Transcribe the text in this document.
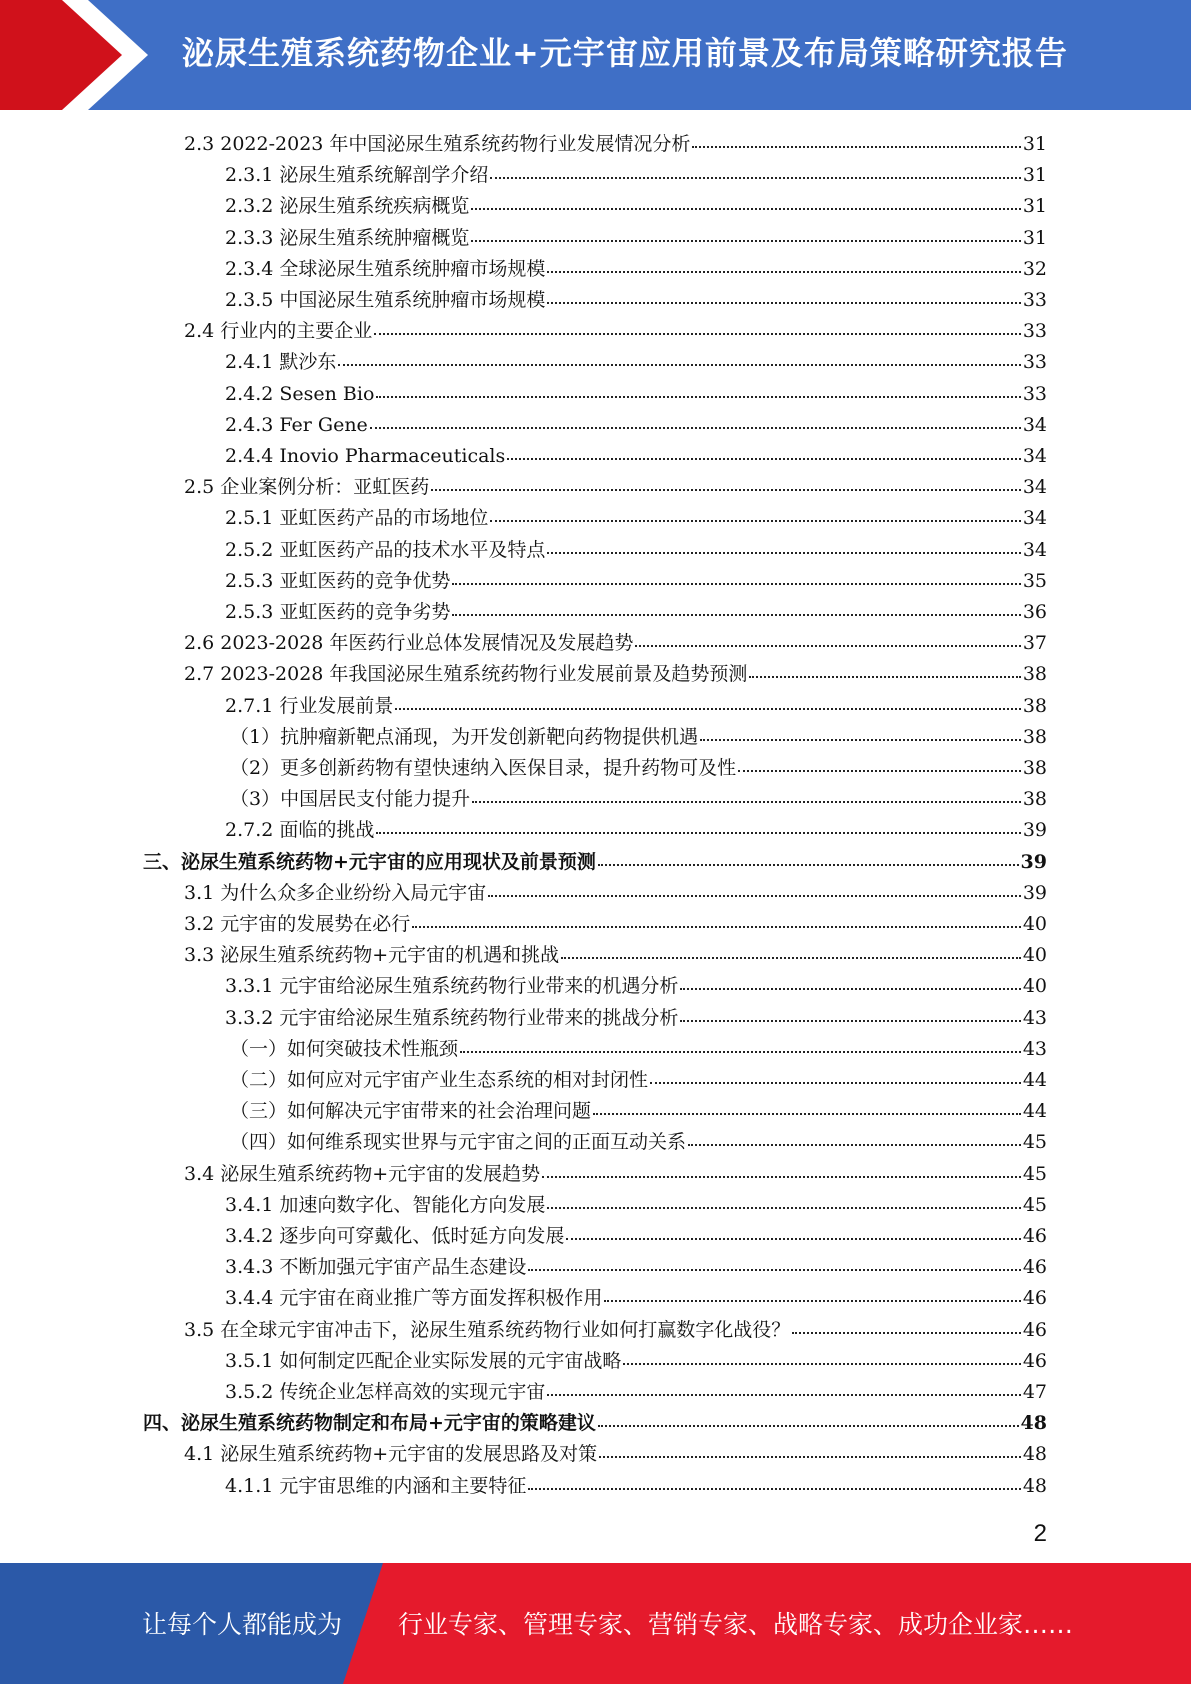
泌尿生殖系统药物企业+元宇宙应用前景及布局策略研究报告
2.3 2022-2023 年中国泌尿生殖系统药物行业发展情况分析	31
2.3.1 泌尿生殖系统解剖学介绍	31
2.3.2 泌尿生殖系统疾病概览	31
2.3.3 泌尿生殖系统肿瘤概览	31
2.3.4 全球泌尿生殖系统肿瘤市场规模	32
2.3.5 中国泌尿生殖系统肿瘤市场规模	33
2.4 行业内的主要企业	33
2.4.1 默沙东	33
2.4.2 Sesen Bio	33
2.4.3 Fer Gene	34
2.4.4 Inovio Pharmaceuticals	34
2.5 企业案例分析：亚虹医药	34
2.5.1 亚虹医药产品的市场地位	34
2.5.2 亚虹医药产品的技术水平及特点	34
2.5.3 亚虹医药的竞争优势	35
2.5.3 亚虹医药的竞争劣势	36
2.6 2023-2028 年医药行业总体发展情况及发展趋势	37
2.7 2023-2028 年我国泌尿生殖系统药物行业发展前景及趋势预测	38
2.7.1 行业发展前景	38
（1）抗肿瘤新靶点涌现，为开发创新靶向药物提供机遇	38
（2）更多创新药物有望快速纳入医保目录，提升药物可及性	38
（3）中国居民支付能力提升	38
2.7.2 面临的挑战	39
三、泌尿生殖系统药物+元宇宙的应用现状及前景预测	39
3.1 为什么众多企业纷纷入局元宇宙	39
3.2 元宇宙的发展势在必行	40
3.3 泌尿生殖系统药物+元宇宙的机遇和挑战	40
3.3.1 元宇宙给泌尿生殖系统药物行业带来的机遇分析	40
3.3.2 元宇宙给泌尿生殖系统药物行业带来的挑战分析	43
（一）如何突破技术性瓶颈	43
（二）如何应对元宇宙产业生态系统的相对封闭性	44
（三）如何解决元宇宙带来的社会治理问题	44
（四）如何维系现实世界与元宇宙之间的正面互动关系	45
3.4 泌尿生殖系统药物+元宇宙的发展趋势	45
3.4.1 加速向数字化、智能化方向发展	45
3.4.2 逐步向可穿戴化、低时延方向发展	46
3.4.3 不断加强元宇宙产品生态建设	46
3.4.4 元宇宙在商业推广等方面发挥积极作用	46
3.5 在全球元宇宙冲击下，泌尿生殖系统药物行业如何打赢数字化战役？	46
3.5.1 如何制定匹配企业实际发展的元宇宙战略	46
3.5.2 传统企业怎样高效的实现元宇宙	47
四、泌尿生殖系统药物制定和布局+元宇宙的策略建议	48
4.1 泌尿生殖系统药物+元宇宙的发展思路及对策	48
4.1.1 元宇宙思维的内涵和主要特征	48
2
让每个人都能成为 行业专家、管理专家、营销专家、战略专家、成功企业家……
